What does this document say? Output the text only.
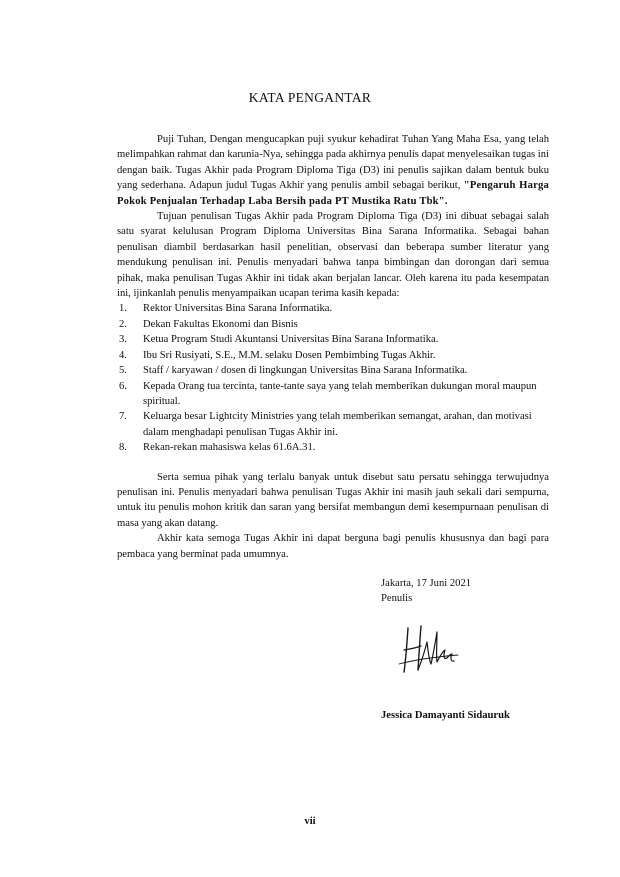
KATA PENGANTAR

Puji Tuhan, Dengan mengucapkan puji syukur kehadirat Tuhan Yang Maha Esa, yang telah melimpahkan rahmat dan karunia-Nya, sehingga pada akhirnya penulis dapat menyelesaikan tugas ini dengan baik. Tugas Akhir pada Program Diploma Tiga (D3) ini penulis sajikan dalam bentuk buku yang sederhana. Adapun judul Tugas Akhir yang penulis ambil sebagai berikut, "Pengaruh Harga Pokok Penjualan Terhadap Laba Bersih pada PT Mustika Ratu Tbk".

Tujuan penulisan Tugas Akhir pada Program Diploma Tiga (D3) ini dibuat sebagai salah satu syarat kelulusan Program Diploma Universitas Bina Sarana Informatika. Sebagai bahan penulisan diambil berdasarkan hasil penelitian, observasi dan beberapa sumber literatur yang mendukung penulisan ini. Penulis menyadari bahwa tanpa bimbingan dan dorongan dari semua pihak, maka penulisan Tugas Akhir ini tidak akan berjalan lancar. Oleh karena itu pada kesempatan ini, ijinkanlah penulis menyampaikan ucapan terima kasih kepada:

1. Rektor Universitas Bina Sarana Informatika.
2. Dekan Fakultas Ekonomi dan Bisnis
3. Ketua Program Studi Akuntansi Universitas Bina Sarana Informatika.
4. Ibu Sri Rusiyati, S.E., M.M. selaku Dosen Pembimbing Tugas Akhir.
5. Staff / karyawan / dosen di lingkungan Universitas Bina Sarana Informatika.
6. Kepada Orang tua tercinta, tante-tante saya yang telah memberikan dukungan moral maupun spiritual.
7. Keluarga besar Lightcity Ministries yang telah memberikan semangat, arahan, dan motivasi dalam menghadapi penulisan Tugas Akhir ini.
8. Rekan-rekan mahasiswa kelas 61.6A.31.

Serta semua pihak yang terlalu banyak untuk disebut satu persatu sehingga terwujudnya penulisan ini. Penulis menyadari bahwa penulisan Tugas Akhir ini masih jauh sekali dari sempurna, untuk itu penulis mohon kritik dan saran yang bersifat membangun demi kesempurnaan penulisan di masa yang akan datang.

Akhir kata semoga Tugas Akhir ini dapat berguna bagi penulis khususnya dan bagi para pembaca yang berminat pada umumnya.

Jakarta, 17 Juni 2021
Penulis
Jessica Damayanti Sidauruk
vii
